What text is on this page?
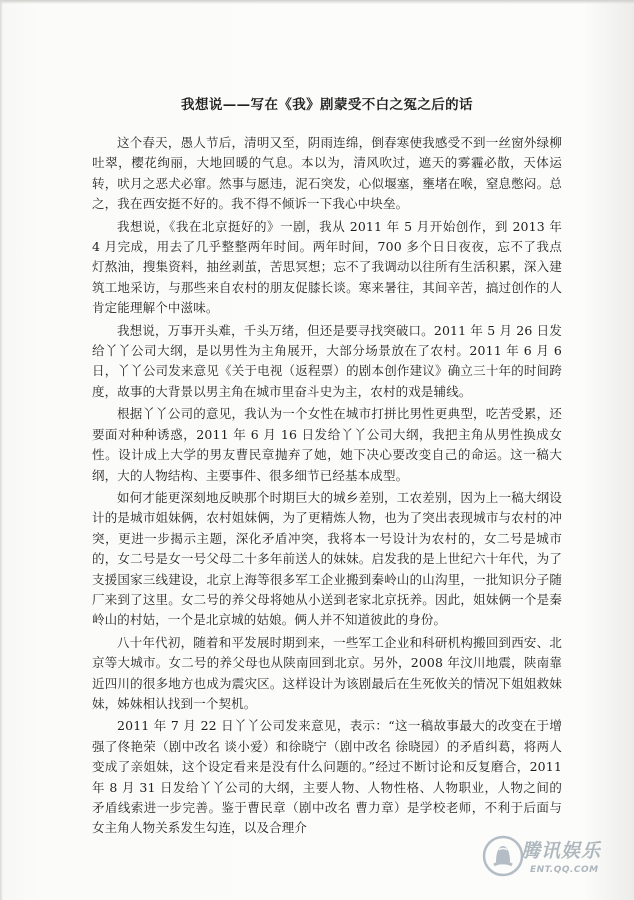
我想说——写在《我》剧蒙受不白之冤之后的话

这个春天，愚人节后，清明又至，阴雨连绵，倒春寒使我感受不到一丝窗外绿柳吐翠，樱花绚丽，大地回暖的气息。本以为，清风吹过，遮天的雾霾必散，天体运转，吠月之恶犬必窜。然事与愿违，泥石突发，心似堰塞，壅堵在喉，窒息憋闷。总之，我在西安挺不好的。我不得不倾诉一下我心中块垒。

我想说，《我在北京挺好的》一剧，我从 2011 年 5 月开始创作，到 2013 年 4 月完成，用去了几乎整整两年时间。两年时间，700 多个日日夜夜，忘不了我点灯熬油，搜集资料，抽丝剥茧，苦思冥想；忘不了我调动以往所有生活积累，深入建筑工地采访，与那些来自农村的朋友促膝长谈。寒来暑往，其间辛苦，搞过创作的人肯定能理解个中滋味。

我想说，万事开头难，千头万绪，但还是要寻找突破口。2011 年 5 月 26 日发给丫丫公司大纲，是以男性为主角展开，大部分场景放在了农村。2011 年 6 月 6 日，丫丫公司发来意见《关于电视（返程票）的剧本创作建议》确立三十年的时间跨度，故事的大背景以男主角在城市里奋斗史为主，农村的戏是辅线。

根据丫丫公司的意见，我认为一个女性在城市打拼比男性更典型，吃苦受累，还要面对种种诱惑，2011 年 6 月 16 日发给丫丫公司大纲，我把主角从男性换成女性。设计成上大学的男友曹民章抛弃了她，她下决心要改变自己的命运。这一稿大纲，大的人物结构、主要事件、很多细节已经基本成型。

如何才能更深刻地反映那个时期巨大的城乡差别，工农差别，因为上一稿大纲设计的是城市姐妹俩，农村姐妹俩，为了更精炼人物，也为了突出表现城市与农村的冲突，更进一步揭示主题，深化矛盾冲突，我将本一号设计为农村的，女二号是城市的，女二号是女一号父母二十多年前送人的妹妹。启发我的是上世纪六十年代，为了支援国家三线建设，北京上海等很多军工企业搬到秦岭山的山沟里，一批知识分子随厂来到了这里。女二号的养父母将她从小送到老家北京抚养。因此，姐妹俩一个是秦岭山的村姑，一个是北京城的姑娘。俩人并不知道彼此的身份。

八十年代初，随着和平发展时期到来，一些军工企业和科研机构搬回到西安、北京等大城市。女二号的养父母也从陕南回到北京。另外，2008 年汶川地震，陕南靠近四川的很多地方也成为震灾区。这样设计为该剧最后在生死攸关的情况下姐姐救妹妹，姊妹相认找到一个契机。

2011 年 7 月 22 日丫丫公司发来意见，表示：“这一稿故事最大的改变在于增强了佟艳荣（剧中改名 谈小爱）和徐晓宁（剧中改名 徐晓园）的矛盾纠葛，将两人变成了亲姐妹，这个设定看来是没有什么问题的。”经过不断讨论和反复磨合，2011 年 8 月 31 日发给丫丫公司的大纲，主要人物、人物性格、人物职业，人物之间的矛盾线索进一步完善。鉴于曹民章（剧中改名 曹力章）是学校老师，不利于后面与女主角人物关系发生勾连，以及合理介

腾讯娱乐
ENT.QQ.COM
